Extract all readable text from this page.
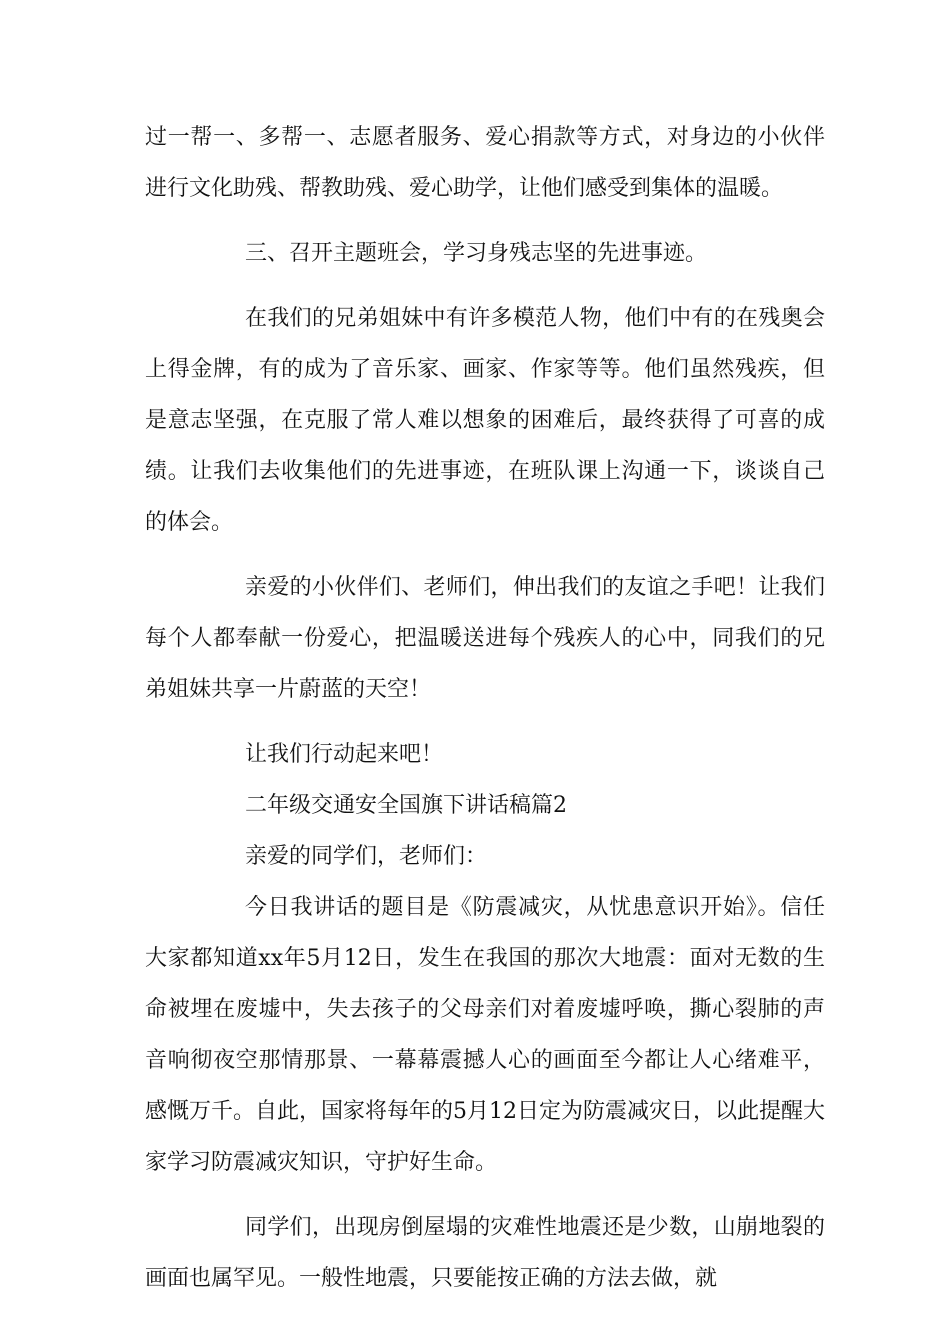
过一帮一、多帮一、志愿者服务、爱心捐款等方式，对身边的小伙伴进行文化助残、帮教助残、爱心助学，让他们感受到集体的温暖。

三、召开主题班会，学习身残志坚的先进事迹。

在我们的兄弟姐妹中有许多模范人物，他们中有的在残奥会上得金牌，有的成为了音乐家、画家、作家等等。他们虽然残疾，但是意志坚强，在克服了常人难以想象的困难后，最终获得了可喜的成绩。让我们去收集他们的先进事迹，在班队课上沟通一下，谈谈自己的体会。

亲爱的小伙伴们、老师们，伸出我们的友谊之手吧！让我们每个人都奉献一份爱心，把温暖送进每个残疾人的心中，同我们的兄弟姐妹共享一片蔚蓝的天空！

让我们行动起来吧！

二年级交通安全国旗下讲话稿篇2

亲爱的同学们，老师们：

今日我讲话的题目是《防震减灾，从忧患意识开始》。信任大家都知道xx年5月12日，发生在我国的那次大地震：面对无数的生命被埋在废墟中，失去孩子的父母亲们对着废墟呼唤，撕心裂肺的声音响彻夜空那情那景、一幕幕震撼人心的画面至今都让人心绪难平，感慨万千。自此，国家将每年的5月12日定为防震减灾日，以此提醒大家学习防震减灾知识，守护好生命。

同学们，出现房倒屋塌的灾难性地震还是少数，山崩地裂的画面也属罕见。一般性地震，只要能按正确的方法去做，就
